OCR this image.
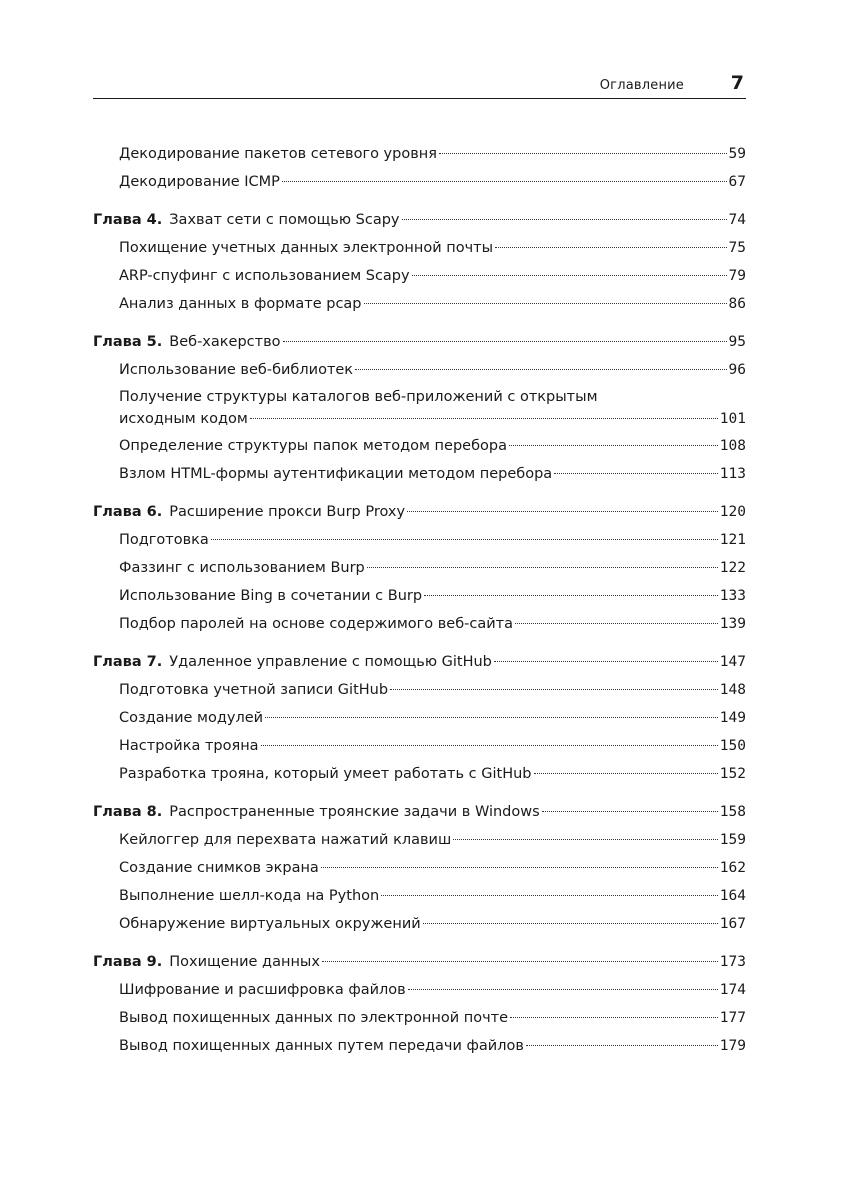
Оглавление 7
Декодирование пакетов сетевого уровня	59
Декодирование ICMP	67
Глава 4. Захват сети с помощью Scapy	74
Похищение учетных данных электронной почты	75
ARP-спуфинг с использованием Scapy	79
Анализ данных в формате pcap	86
Глава 5. Веб-хакерство	95
Использование веб-библиотек	96
Получение структуры каталогов веб-приложений с открытым
исходным кодом	101
Определение структуры папок методом перебора	108
Взлом HTML-формы аутентификации методом перебора	113
Глава 6. Расширение прокси Burp Proxy	120
Подготовка	121
Фаззинг с использованием Burp	122
Использование Bing в сочетании с Burp	133
Подбор паролей на основе содержимого веб-сайта	139
Глава 7. Удаленное управление с помощью GitHub	147
Подготовка учетной записи GitHub	148
Создание модулей	149
Настройка трояна	150
Разработка трояна, который умеет работать с GitHub	152
Глава 8. Распространенные троянские задачи в Windows	158
Кейлоггер для перехвата нажатий клавиш	159
Создание снимков экрана	162
Выполнение шелл-кода на Python	164
Обнаружение виртуальных окружений	167
Глава 9. Похищение данных	173
Шифрование и расшифровка файлов	174
Вывод похищенных данных по электронной почте	177
Вывод похищенных данных путем передачи файлов	179
